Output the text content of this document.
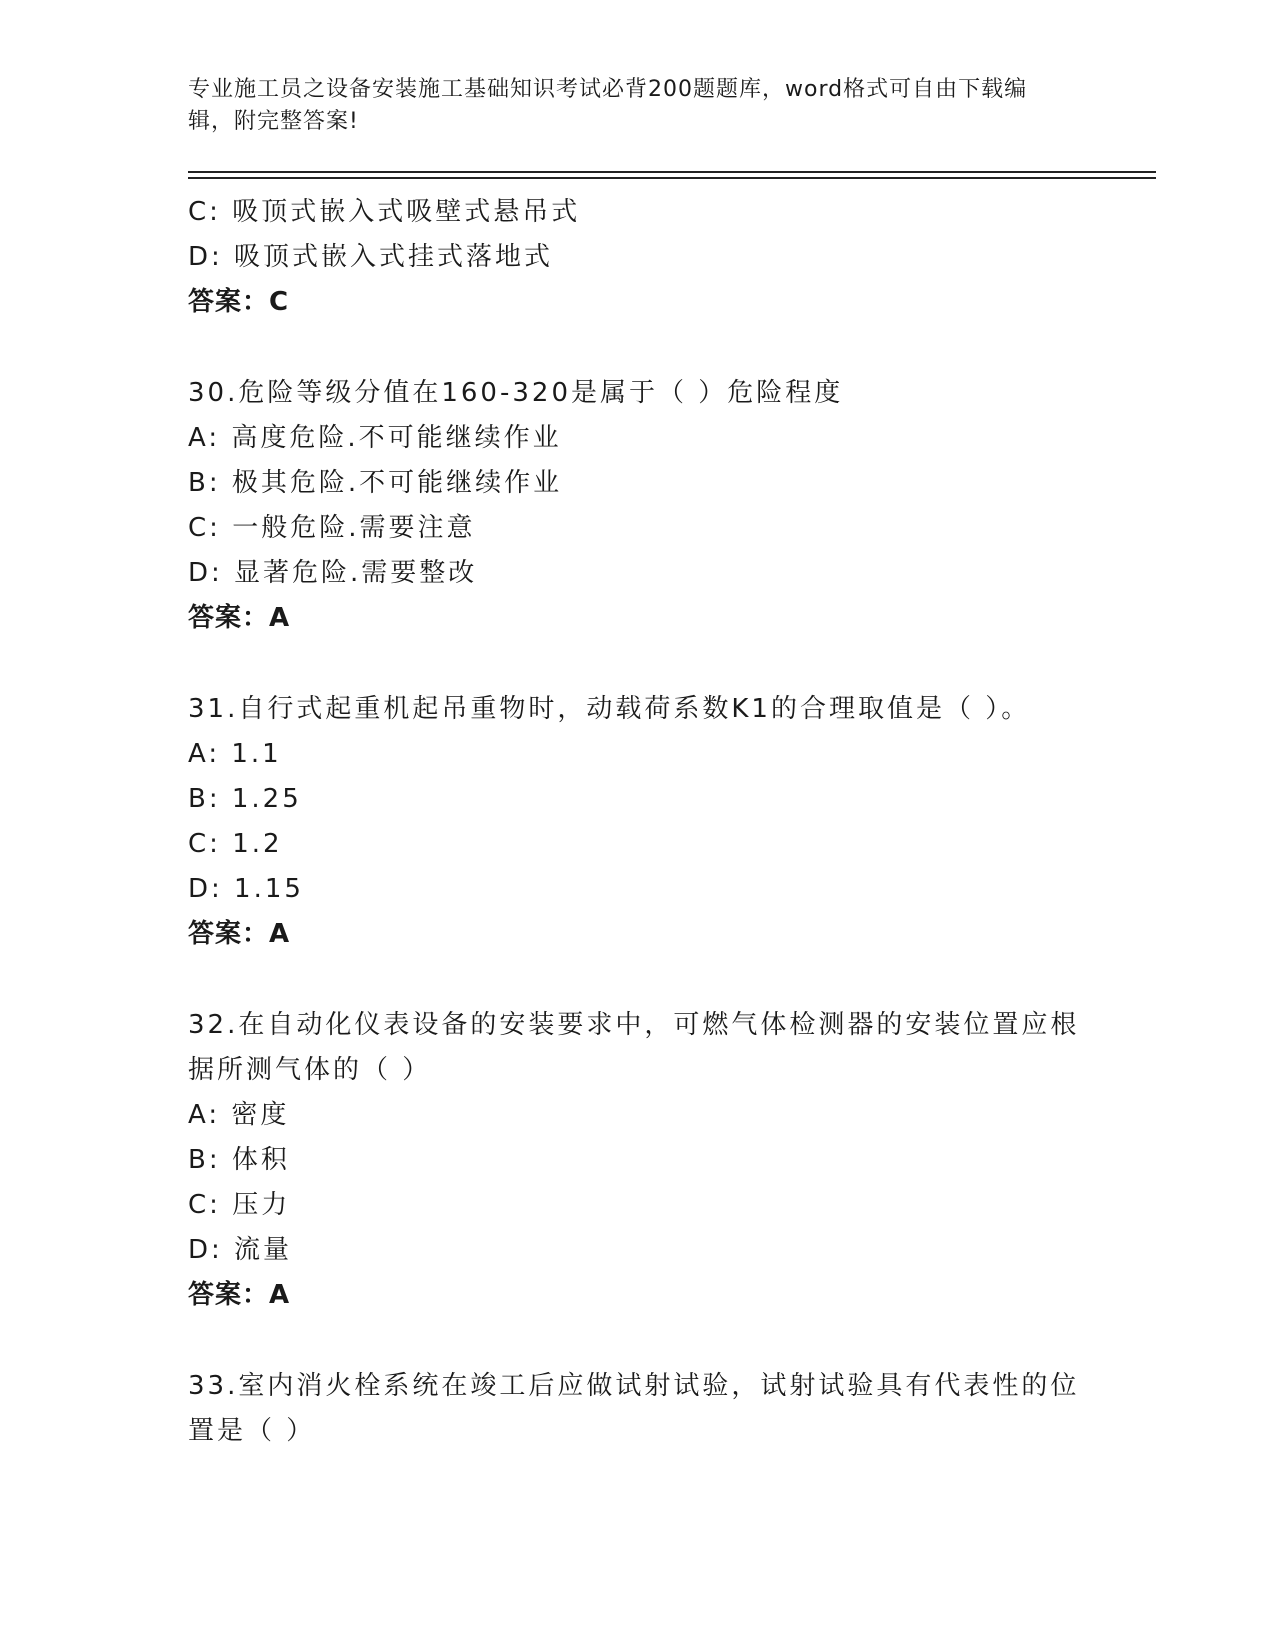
专业施工员之设备安装施工基础知识考试必背200题题库，word格式可自由下载编辑，附完整答案!
C: 吸顶式嵌入式吸壁式悬吊式
D: 吸顶式嵌入式挂式落地式
答案：C
30.危险等级分值在160-320是属于（ ）危险程度
A: 高度危险.不可能继续作业
B: 极其危险.不可能继续作业
C: 一般危险.需要注意
D: 显著危险.需要整改
答案：A
31.自行式起重机起吊重物时，动载荷系数K1的合理取值是（ ）。
A: 1.1
B: 1.25
C: 1.2
D: 1.15
答案：A
32.在自动化仪表设备的安装要求中，可燃气体检测器的安装位置应根据所测气体的（ ）
A: 密度
B: 体积
C: 压力
D: 流量
答案：A
33.室内消火栓系统在竣工后应做试射试验，试射试验具有代表性的位置是（ ）
